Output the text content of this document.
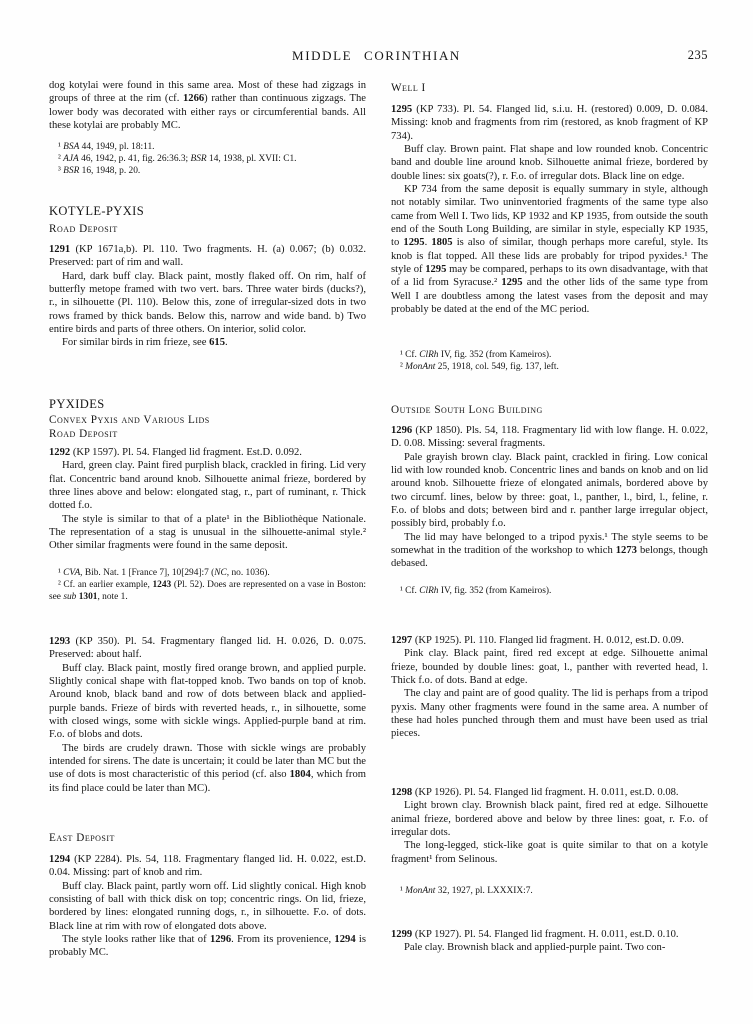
MIDDLE CORINTHIAN	235

dog kotylai were found in this same area. Most of these had zigzags in groups of three at the rim (cf. 1266) rather than continuous zigzags. The lower body was decorated with either rays or circumferential bands. All these kotylai are probably MC.

¹ BSA 44, 1949, pl. 18:11.

² AJA 46, 1942, p. 41, fig. 26:36.3; BSR 14, 1938, pl. XVII: C1.

³ BSR 16, 1948, p. 20.

KOTYLE-PYXIS
Road Deposit

1291 (KP 1671a,b). Pl. 110. Two fragments. H. (a) 0.067; (b) 0.032. Preserved: part of rim and wall.

Hard, dark buff clay. Black paint, mostly flaked off. On rim, half of butterfly metope framed with two vert. bars. Three water birds (ducks?), r., in silhouette (Pl. 110). Below this, zone of irregular-sized dots in two rows framed by thick bands. Below this, narrow and wide band. b) Two entire birds and parts of three others. On interior, solid color.

For similar birds in rim frieze, see 615.

PYXIDES
Convex Pyxis and Various Lids
Road Deposit

1292 (KP 1597). Pl. 54. Flanged lid fragment. Est.D. 0.092.

Hard, green clay. Paint fired purplish black, crackled in firing. Lid very flat. Concentric band around knob. Silhouette animal frieze, bordered by three lines above and below: elongated stag, r., part of ruminant, r. Thick dotted f.o.

The style is similar to that of a plate¹ in the Bibliothèque Nationale. The representation of a stag is unusual in the silhouette-animal style.² Other similar fragments were found in the same deposit.

¹ CVA, Bib. Nat. 1 [France 7], 10[294]:7 (NC, no. 1036).

² Cf. an earlier example, 1243 (Pl. 52). Does are represented on a vase in Boston: see sub 1301, note 1.

1293 (KP 350). Pl. 54. Fragmentary flanged lid. H. 0.026, D. 0.075. Preserved: about half.

Buff clay. Black paint, mostly fired orange brown, and applied purple. Slightly conical shape with flat-topped knob. Two bands on top of knob. Around knob, black band and row of dots between black and applied-purple bands. Frieze of birds with reverted heads, r., in silhouette, some with closed wings, some with sickle wings. Applied-purple band at rim. F.o. of blobs and dots.

The birds are crudely drawn. Those with sickle wings are probably intended for sirens. The date is uncertain; it could be later than MC but the use of dots is most characteristic of this period (cf. also 1804, which from its find place could be later than MC).

East Deposit

1294 (KP 2284). Pls. 54, 118. Fragmentary flanged lid. H. 0.022, est.D. 0.04. Missing: part of knob and rim.

Buff clay. Black paint, partly worn off. Lid slightly conical. High knob consisting of ball with thick disk on top; concentric rings. On lid, frieze, bordered by lines: elongated running dogs, r., in silhouette. F.o. of dots. Black line at rim with row of elongated dots above.

The style looks rather like that of 1296. From its provenience, 1294 is probably MC.

Well I

1295 (KP 733). Pl. 54. Flanged lid, s.i.u. H. (restored) 0.009, D. 0.084. Missing: knob and fragments from rim (restored, as knob fragment of KP 734).

Buff clay. Brown paint. Flat shape and low rounded knob. Concentric band and double line around knob. Silhouette animal frieze, bordered by double lines: six goats(?), r. F.o. of irregular dots. Black line on edge.

KP 734 from the same deposit is equally summary in style, although not notably similar. Two uninventoried fragments of the same type also came from Well I. Two lids, KP 1932 and KP 1935, from outside the south end of the South Long Building, are similar in style, especially KP 1935, to 1295. 1805 is also of similar, though perhaps more careful, style. Its knob is flat topped. All these lids are probably for tripod pyxides.¹ The style of 1295 may be compared, perhaps to its own disadvantage, with that of a lid from Syracuse.² 1295 and the other lids of the same type from Well I are doubtless among the latest vases from the deposit and may probably be dated at the end of the MC period.

¹ Cf. ClRh IV, fig. 352 (from Kameiros).

² MonAnt 25, 1918, col. 549, fig. 137, left.

Outside South Long Building

1296 (KP 1850). Pls. 54, 118. Fragmentary lid with low flange. H. 0.022, D. 0.08. Missing: several fragments.

Pale grayish brown clay. Black paint, crackled in firing. Low conical lid with low rounded knob. Concentric lines and bands on knob and on lid around knob. Silhouette frieze of elongated animals, bordered above by two circumf. lines, below by three: goat, l., panther, l., bird, l., feline, r. F.o. of blobs and dots; between bird and r. panther large irregular object, possibly bird, probably f.o.

The lid may have belonged to a tripod pyxis.¹ The style seems to be somewhat in the tradition of the workshop to which 1273 belongs, though debased.

¹ Cf. ClRh IV, fig. 352 (from Kameiros).

1297 (KP 1925). Pl. 110. Flanged lid fragment. H. 0.012, est.D. 0.09.

Pink clay. Black paint, fired red except at edge. Silhouette animal frieze, bounded by double lines: goat, l., panther with reverted head, l. Thick f.o. of dots. Band at edge.

The clay and paint are of good quality. The lid is perhaps from a tripod pyxis. Many other fragments were found in the same area. A number of these had holes punched through them and must have been used as trial pieces.

1298 (KP 1926). Pl. 54. Flanged lid fragment. H. 0.011, est.D. 0.08.

Light brown clay. Brownish black paint, fired red at edge. Silhouette animal frieze, bordered above and below by three lines: goat, r. F.o. of irregular dots.

The long-legged, stick-like goat is quite similar to that on a kotyle fragment¹ from Selinous.

¹ MonAnt 32, 1927, pl. LXXXIX:7.

1299 (KP 1927). Pl. 54. Flanged lid fragment. H. 0.011, est.D. 0.10.

Pale clay. Brownish black and applied-purple paint. Two con-
